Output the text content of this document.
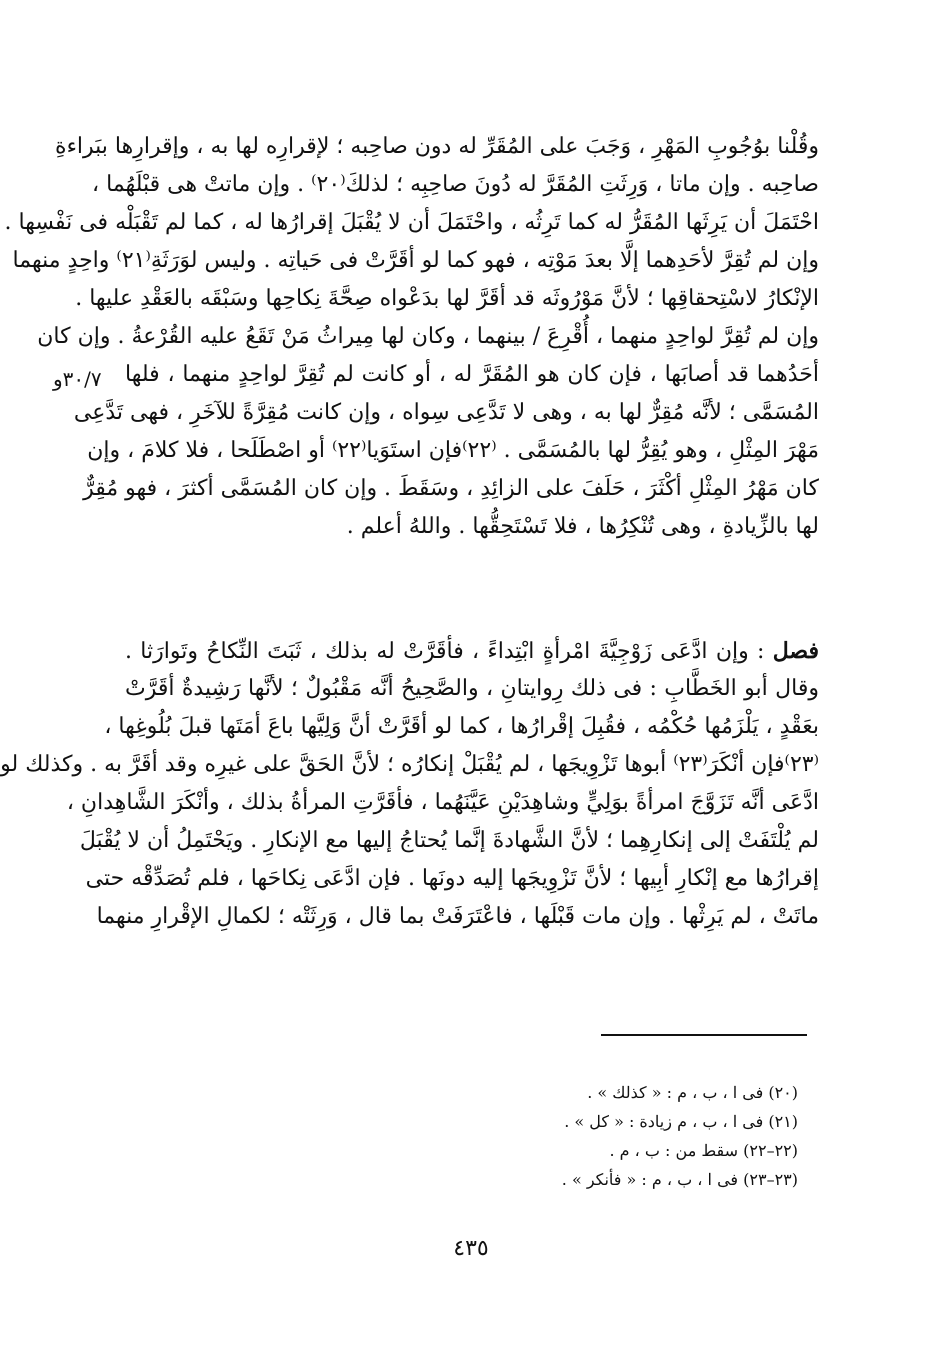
وقُلْنا بوُجُوبِ المَهْرِ ، وَجَبَ على المُقَرِّ له دون صاحِبه ؛ لإقرارِه لها به ، وإقرارِها ببَراءةِ
صاحِبه . وإن ماتا ، وَرِثَتِ المُقَرَّ له دُونَ صاحِبِه ؛ لذلكَ⁽٢٠⁾ . وإن ماتتْ هى قبْلَهُما ،
احْتَمَلَ أن يَرِثَها المُقَرُّ له كما تَرِثُه ، واحْتَمَلَ أن لا يُقْبَلَ إقرارُها له ، كما لم تَقْبَلْه فى نَفْسِها .
وإن لم تُقِرَّ لأحَدِهما إلَّا بعدَ مَوْتِه ، فهو كما لو أقَرَّتْ فى حَياتِه . وليس لوَرَثَةِ⁽٢١⁾ واحِدٍ منهما
الإنْكارُ لاسْتِحقاقِها ؛ لأنَّ مَوْرُوثَه قد أقَرَّ لها بدَعْواه صِحَّةَ نِكاحِها وسَبْقَه بالعَقْدِ عليها .
وإن لم تُقِرَّ لواحِدٍ منهما ، أُقْرِعَ / بينهما ، وكان لها مِيراثُ مَنْ تَقَعُ عليه القُرْعةُ . وإن كان
أحَدُهما قد أصابَها ، فإن كان هو المُقَرَّ له ، أو كانت لم تُقِرَّ لواحِدٍ منهما ، فلها
المُسَمَّى ؛ لأنَّه مُقِرٌّ لها به ، وهى لا تَدَّعِى سِواه ، وإن كانت مُقِرَّةً للآخَرِ ، فهى تَدَّعِى
مَهْرَ المِثْلِ ، وهو يُقِرُّ لها بالمُسَمَّى . ⁽٢٢⁾فإن استَوَيا⁽٢٢⁾ أو اصْطَلَحا ، فلا كلامَ ، وإن
كان مَهْرُ المِثْلِ أكْثَرَ ، حَلَفَ على الزائِدِ ، وسَقَطَ . وإن كان المُسَمَّى أكثرَ ، فهو مُقِرٌّ
لها بالزِّيادةِ ، وهى تُنْكِرُها ، فلا تَسْتَحِقُّها . واللهُ أعلم .
٣٠/٧و
فصل : وإن ادَّعَى زَوْجِيَّةَ امْرأةٍ ابْتِداءً ، فأقَرَّتْ له بذلك ، ثَبَتَ النِّكاحُ وتَوارَثا .
وقال أبو الخَطَّابِ : فى ذلك رِوايتانِ ، والصَّحِيحُ أنَّه مَقْبُولٌ ؛ لأنَّها رَشِيدةٌ أقَرَّتْ
بعَقْدٍ ، يَلْزَمُها حُكْمُه ، فقُبِلَ إقْرارُها ، كما لو أقَرَّتْ أنَّ وَلِيَّها باعَ أمَتَها قبلَ بُلُوغِها ،
⁽٢٣⁾فإن أنْكَرَ⁽٢٣⁾ أبوها تَزْوِيجَها ، لم يُقْبَلْ إنكارُه ؛ لأنَّ الحَقَّ على غيرِه وقد أقَرَّ به . وكذلك لو
ادَّعَى أنَّه تَزَوَّجَ امرأةً بوَلِيٍّ وشاهِدَيْنِ عَيَّنَهُما ، فأقَرَّتِ المرأةُ بذلك ، وأنْكَرَ الشَّاهِدانِ ،
لم يُلْتَفَتْ إلى إنكارِهِما ؛ لأنَّ الشَّهادةَ إنَّما يُحتاجُ إليها مع الإنكارِ . ويَحْتَمِلُ أن لا يُقْبَلَ
إقرارُها مع إنْكارِ أبِيها ؛ لأنَّ تَزْوِيجَها إليه دونَها . فإن ادَّعَى نِكاحَها ، فلم تُصَدِّقْه حتى
ماتَتْ ، لم يَرِثْها . وإن مات قَبْلَها ، فاعْتَرَفَتْ بما قال ، وَرِثَتْه ؛ لكمالِ الإقْرارِ منهما
(٢٠) فى ا ، ب ، م : « كذلك » .
(٢١) فى ا ، ب ، م زيادة : « كل » .
(٢٢–٢٢) سقط من : ب ، م .
(٢٣–٢٣) فى ا ، ب ، م : « فأنكر » .
٤٣٥
